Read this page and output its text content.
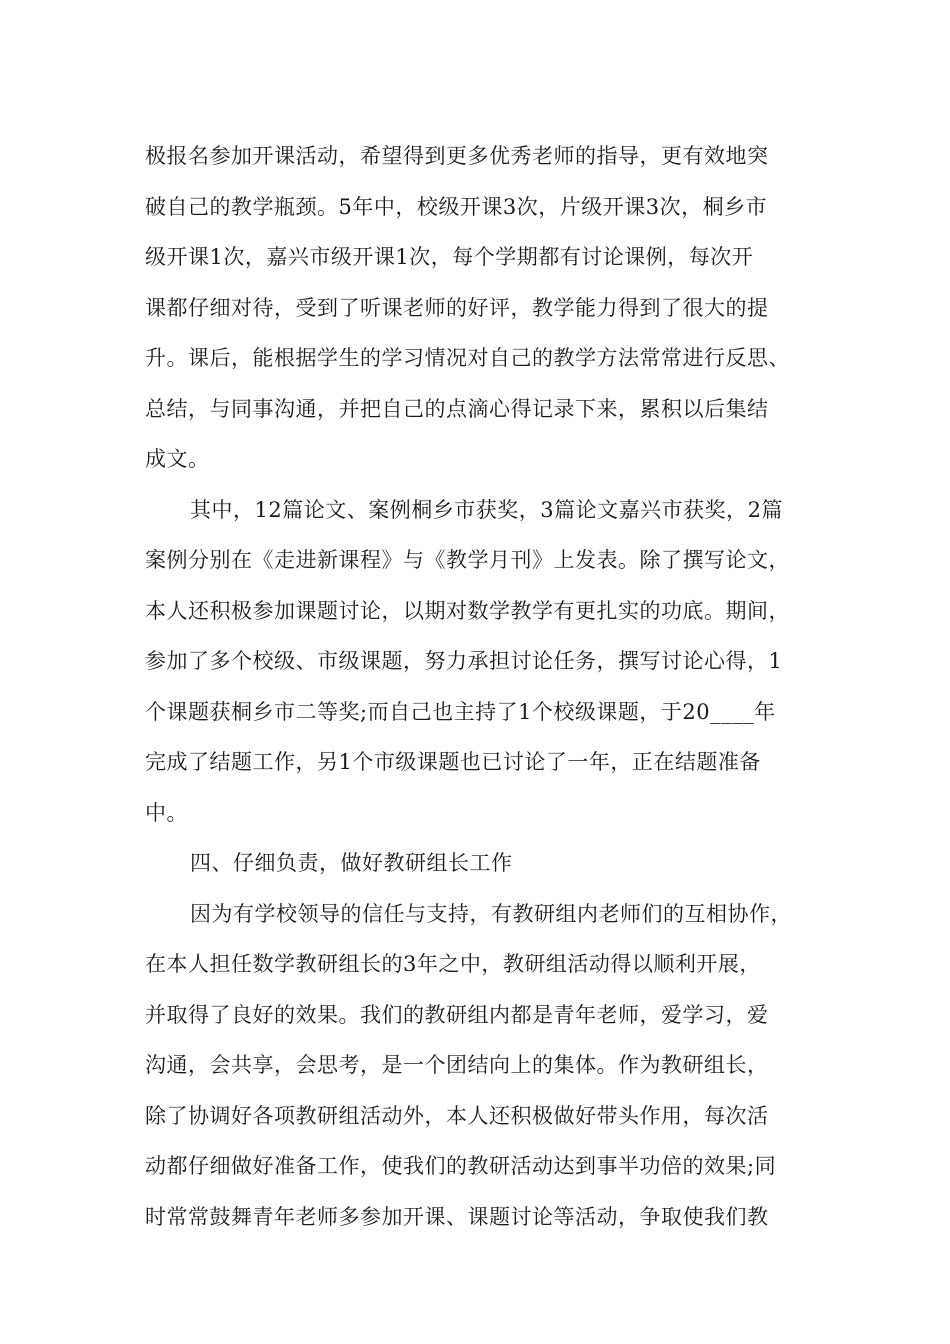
极报名参加开课活动，希望得到更多优秀老师的指导，更有效地突
破自己的教学瓶颈。5年中，校级开课3次，片级开课3次，桐乡市
级开课1次，嘉兴市级开课1次，每个学期都有讨论课例，每次开
课都仔细对待，受到了听课老师的好评，教学能力得到了很大的提
升。课后，能根据学生的学习情况对自己的教学方法常常进行反思、
总结，与同事沟通，并把自己的点滴心得记录下来，累积以后集结
成文。
其中，12篇论文、案例桐乡市获奖，3篇论文嘉兴市获奖，2篇
案例分别在《走进新课程》与《教学月刊》上发表。除了撰写论文，
本人还积极参加课题讨论，以期对数学教学有更扎实的功底。期间，
参加了多个校级、市级课题，努力承担讨论任务，撰写讨论心得，1
个课题获桐乡市二等奖;而自己也主持了1个校级课题，于20____年
完成了结题工作，另1个市级课题也已讨论了一年，正在结题准备
中。
四、仔细负责，做好教研组长工作
因为有学校领导的信任与支持，有教研组内老师们的互相协作，
在本人担任数学教研组长的3年之中，教研组活动得以顺利开展，
并取得了良好的效果。我们的教研组内都是青年老师，爱学习，爱
沟通，会共享，会思考，是一个团结向上的集体。作为教研组长，
除了协调好各项教研组活动外，本人还积极做好带头作用，每次活
动都仔细做好准备工作，使我们的教研活动达到事半功倍的效果;同
时常常鼓舞青年老师多参加开课、课题讨论等活动，争取使我们教
